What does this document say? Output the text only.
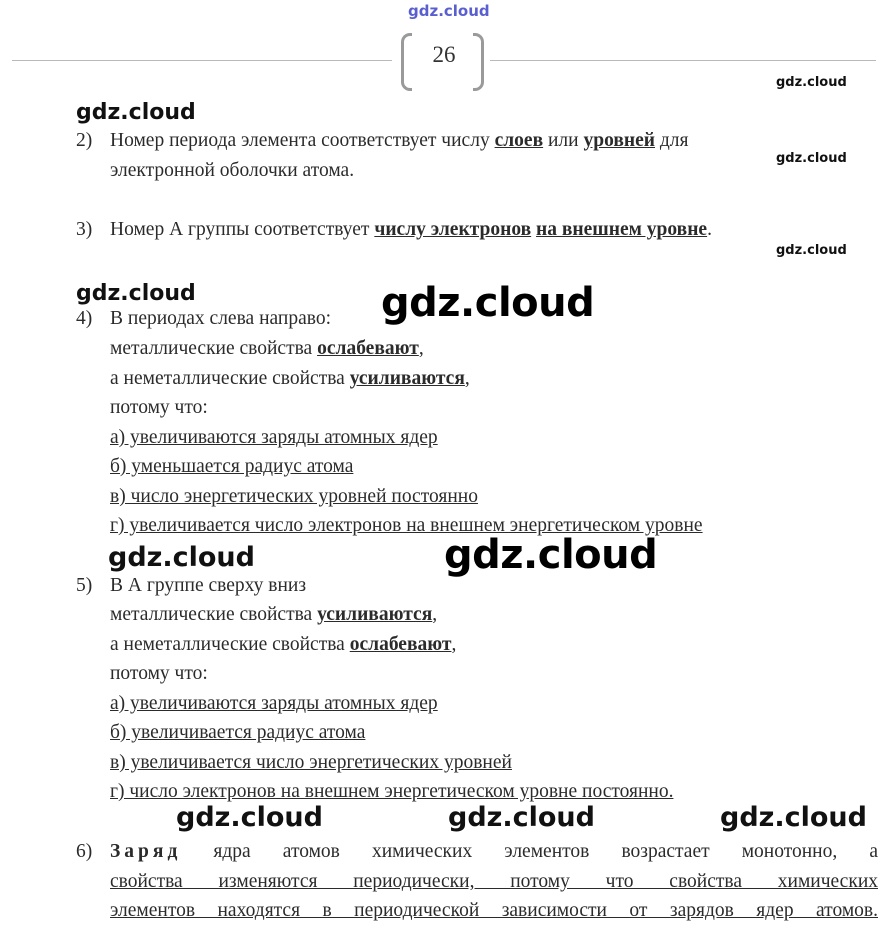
gdz.cloud
26
gdz.cloud
gdz.cloud
gdz.cloud
gdz.cloud
gdz.cloud
gdz.cloud
gdz.cloud	gdz.cloud	gdz.cloud
2) Номер периода элемента соответствует числу слоев или уровней для
электронной оболочки атома.
3) Номер А группы соответствует числу электронов на внешнем уровне.
4) В периодах слева направо:
металлические свойства ослабевают,
а неметаллические свойства усиливаются,
потому что:
а) увеличиваются заряды атомных ядер
б) уменьшается радиус атома
в) число энергетических уровней постоянно
г) увеличивается число электронов на внешнем энергетическом уровне
5) В А группе сверху вниз
металлические свойства усиливаются,
а неметаллические свойства ослабевают,
потому что:
а) увеличиваются заряды атомных ядер
б) увеличивается радиус атома
в) увеличивается число энергетических уровней
г) число электронов на внешнем энергетическом уровне постоянно.
6) Заряд ядра атомов химических элементов возрастает монотонно, а
свойства изменяются периодически, потому что свойства химических
элементов находятся в периодической зависимости от зарядов ядер атомов.
gdz.cloud
gdz.cloud
